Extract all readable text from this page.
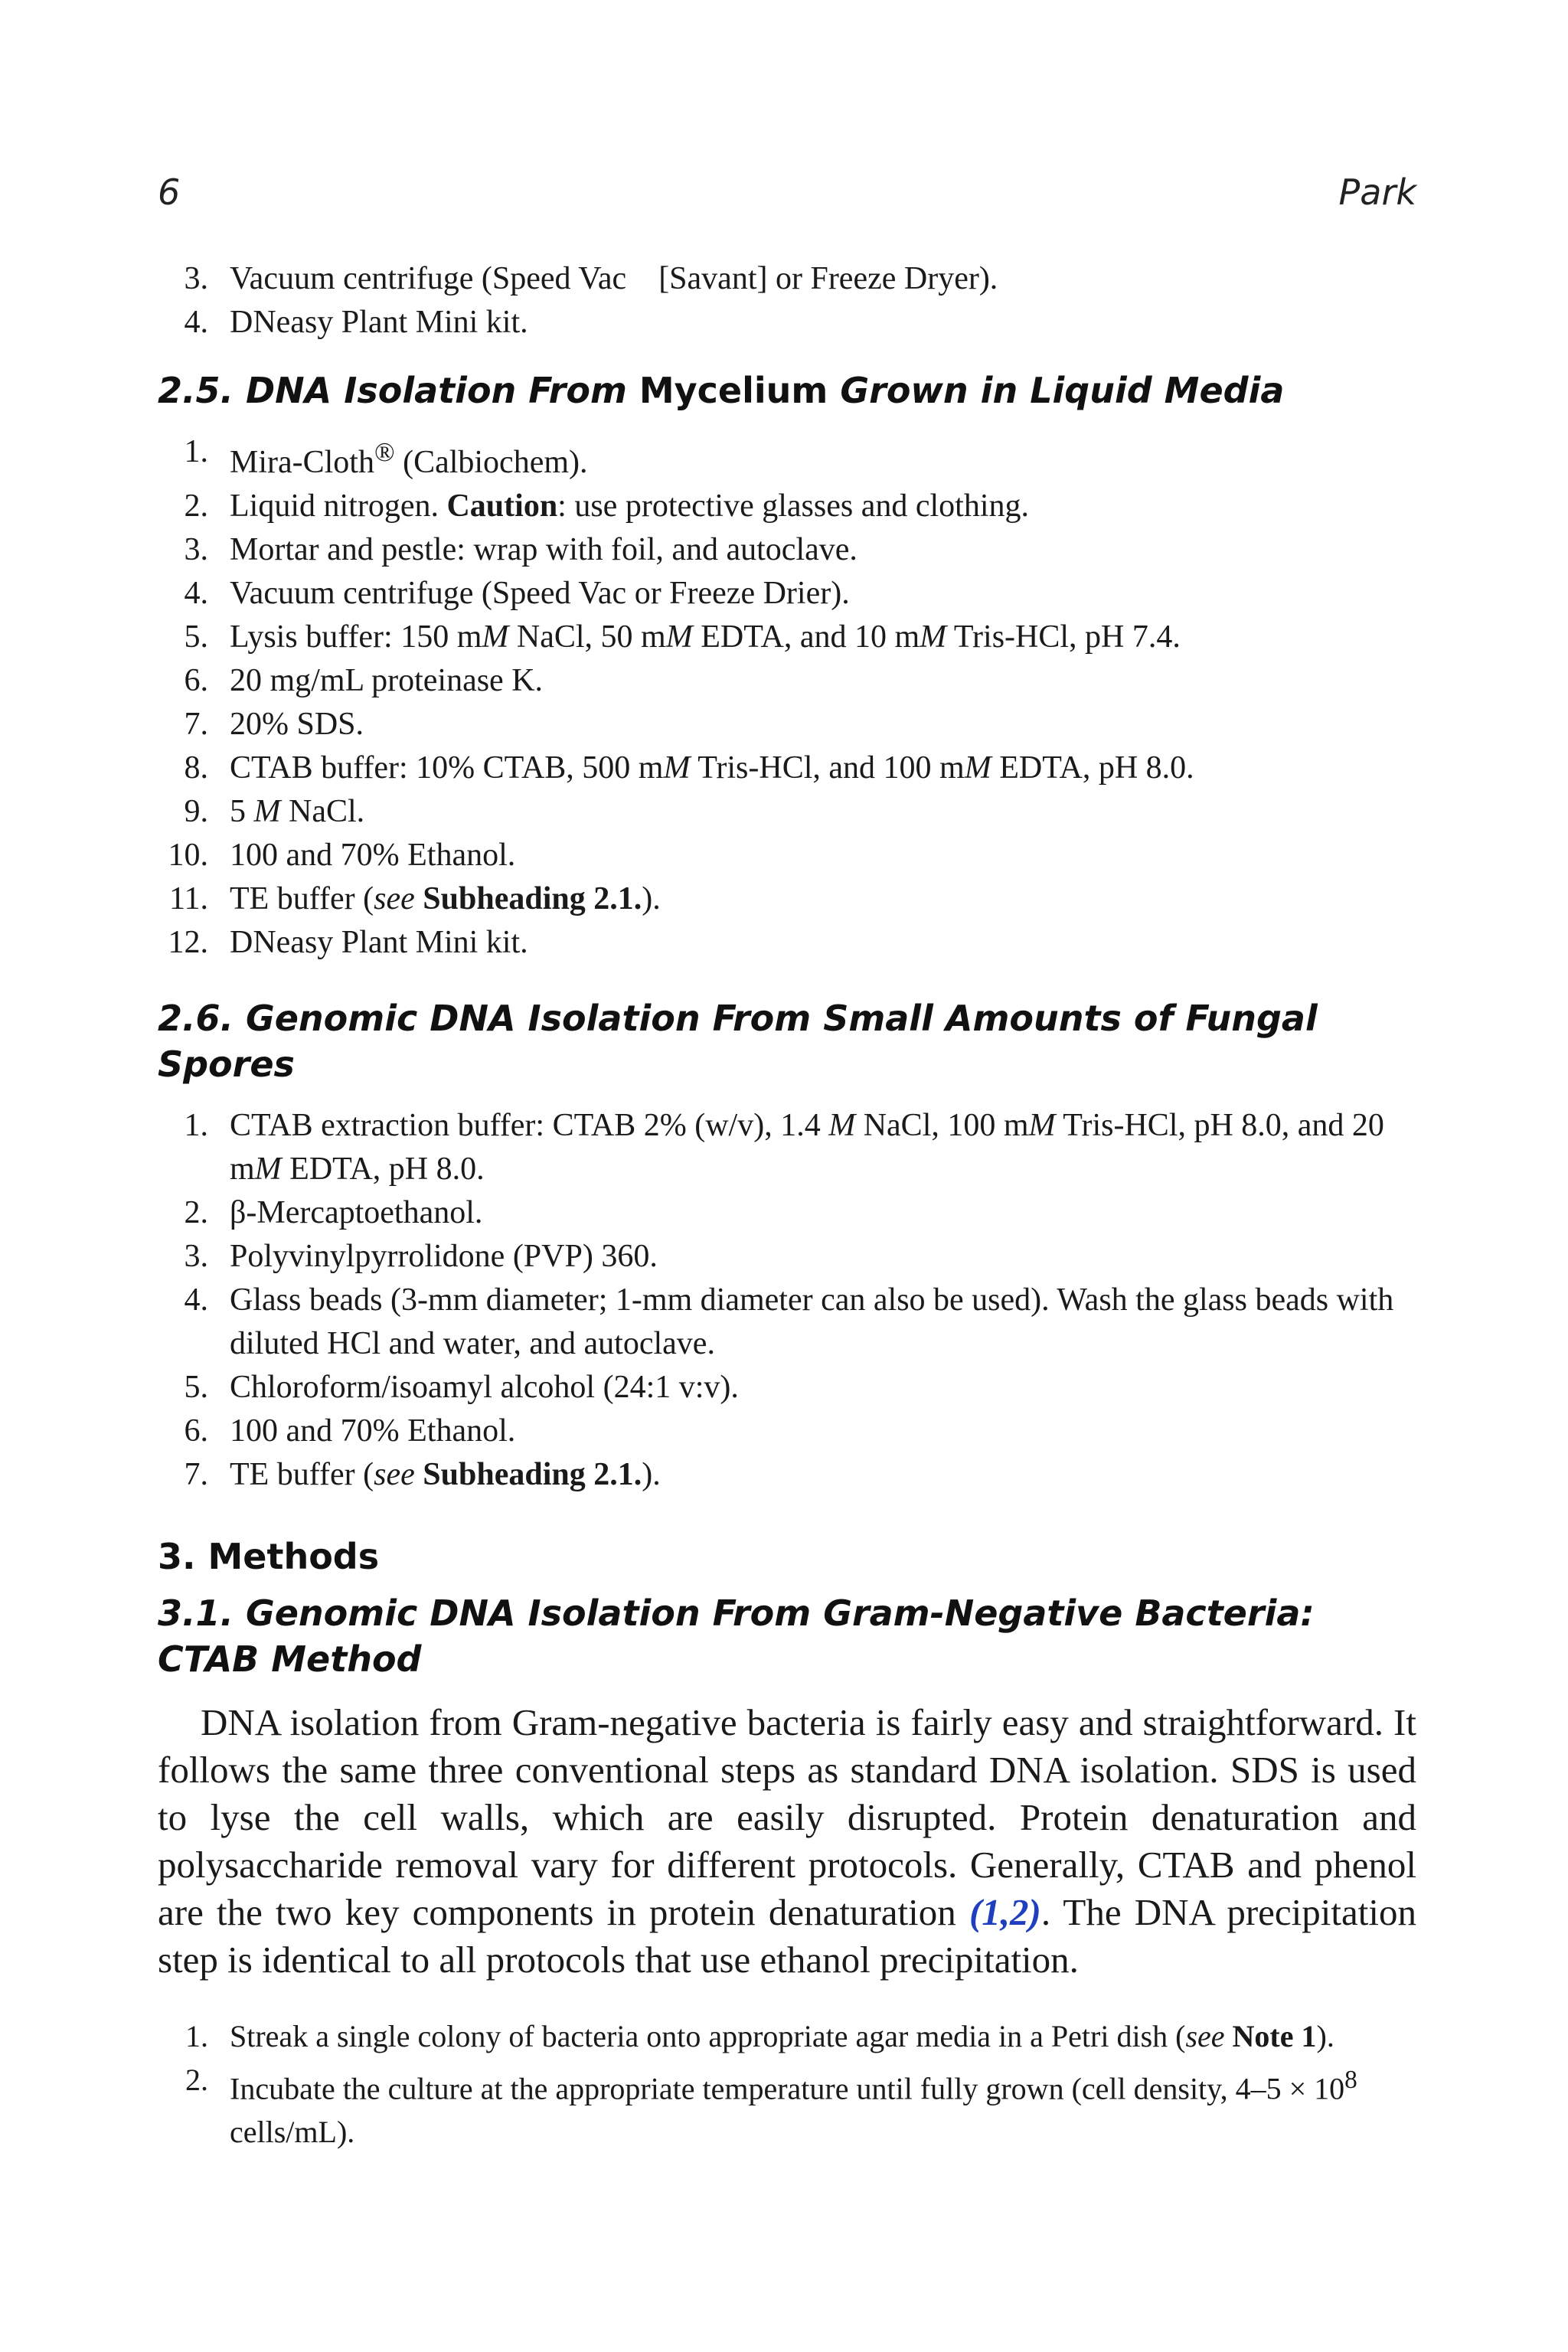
6	Park
3. Vacuum centrifuge (Speed Vac [Savant] or Freeze Dryer).
4. DNeasy Plant Mini kit.
2.5. DNA Isolation From Mycelium Grown in Liquid Media
1. Mira-Cloth® (Calbiochem).
2. Liquid nitrogen. Caution: use protective glasses and clothing.
3. Mortar and pestle: wrap with foil, and autoclave.
4. Vacuum centrifuge (Speed Vac or Freeze Drier).
5. Lysis buffer: 150 mM NaCl, 50 mM EDTA, and 10 mM Tris-HCl, pH 7.4.
6. 20 mg/mL proteinase K.
7. 20% SDS.
8. CTAB buffer: 10% CTAB, 500 mM Tris-HCl, and 100 mM EDTA, pH 8.0.
9. 5 M NaCl.
10. 100 and 70% Ethanol.
11. TE buffer (see Subheading 2.1.).
12. DNeasy Plant Mini kit.
2.6. Genomic DNA Isolation From Small Amounts of Fungal Spores
1. CTAB extraction buffer: CTAB 2% (w/v), 1.4 M NaCl, 100 mM Tris-HCl, pH 8.0, and 20 mM EDTA, pH 8.0.
2. β-Mercaptoethanol.
3. Polyvinylpyrrolidone (PVP) 360.
4. Glass beads (3-mm diameter; 1-mm diameter can also be used). Wash the glass beads with diluted HCl and water, and autoclave.
5. Chloroform/isoamyl alcohol (24:1 v:v).
6. 100 and 70% Ethanol.
7. TE buffer (see Subheading 2.1.).
3. Methods
3.1. Genomic DNA Isolation From Gram-Negative Bacteria: CTAB Method

DNA isolation from Gram-negative bacteria is fairly easy and straightforward. It follows the same three conventional steps as standard DNA isolation. SDS is used to lyse the cell walls, which are easily disrupted. Protein denaturation and polysaccharide removal vary for different protocols. Generally, CTAB and phenol are the two key components in protein denaturation (1,2). The DNA precipitation step is identical to all protocols that use ethanol precipitation.

1. Streak a single colony of bacteria onto appropriate agar media in a Petri dish (see Note 1).
2. Incubate the culture at the appropriate temperature until fully grown (cell density, $4-5 \times 10^8$ cells/mL).
